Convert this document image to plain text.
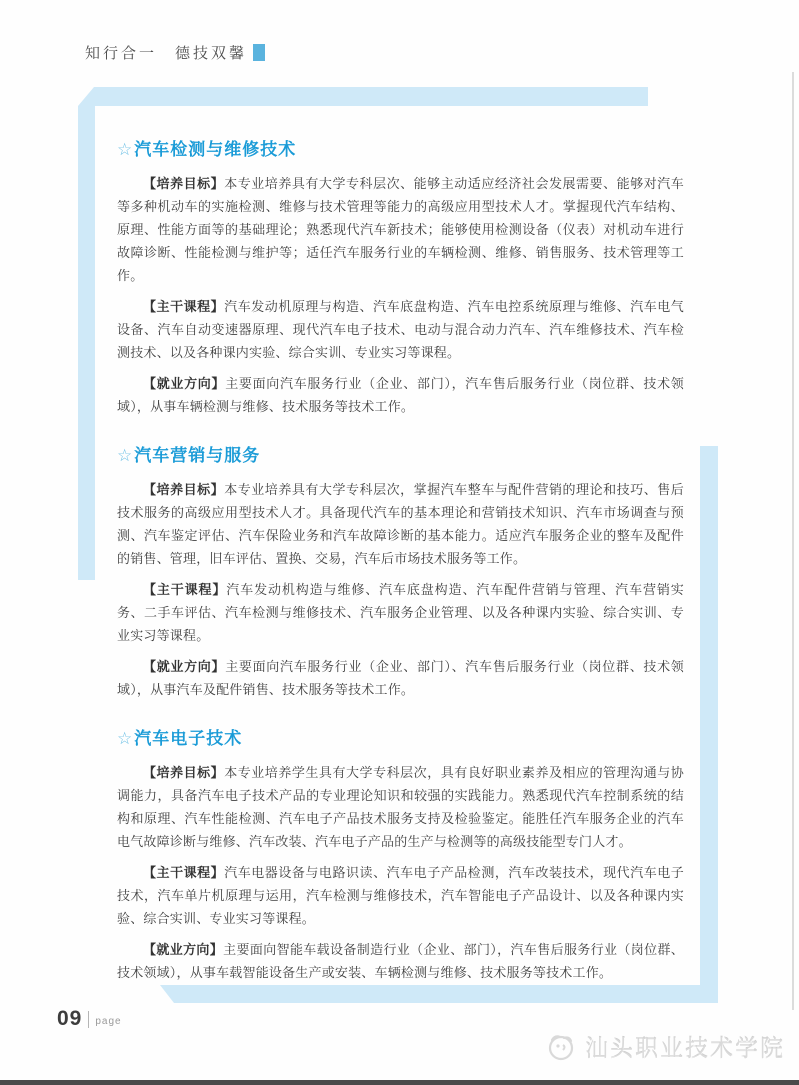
知行合一　德技双馨
☆汽车检测与维修技术

【培养目标】本专业培养具有大学专科层次、能够主动适应经济社会发展需要、能够对汽车等多种机动车的实施检测、维修与技术管理等能力的高级应用型技术人才。掌握现代汽车结构、原理、性能方面等的基础理论；熟悉现代汽车新技术；能够使用检测设备（仪表）对机动车进行故障诊断、性能检测与维护等；适任汽车服务行业的车辆检测、维修、销售服务、技术管理等工作。

【主干课程】汽车发动机原理与构造、汽车底盘构造、汽车电控系统原理与维修、汽车电气设备、汽车自动变速器原理、现代汽车电子技术、电动与混合动力汽车、汽车维修技术、汽车检测技术、以及各种课内实验、综合实训、专业实习等课程。

【就业方向】主要面向汽车服务行业（企业、部门），汽车售后服务行业（岗位群、技术领域），从事车辆检测与维修、技术服务等技术工作。

☆汽车营销与服务

【培养目标】本专业培养具有大学专科层次，掌握汽车整车与配件营销的理论和技巧、售后技术服务的高级应用型技术人才。具备现代汽车的基本理论和营销技术知识、汽车市场调查与预测、汽车鉴定评估、汽车保险业务和汽车故障诊断的基本能力。适应汽车服务企业的整车及配件的销售、管理，旧车评估、置换、交易，汽车后市场技术服务等工作。

【主干课程】汽车发动机构造与维修、汽车底盘构造、汽车配件营销与管理、汽车营销实务、二手车评估、汽车检测与维修技术、汽车服务企业管理、以及各种课内实验、综合实训、专业实习等课程。

【就业方向】主要面向汽车服务行业（企业、部门）、汽车售后服务行业（岗位群、技术领域），从事汽车及配件销售、技术服务等技术工作。

☆汽车电子技术

【培养目标】本专业培养学生具有大学专科层次，具有良好职业素养及相应的管理沟通与协调能力，具备汽车电子技术产品的专业理论知识和较强的实践能力。熟悉现代汽车控制系统的结构和原理、汽车性能检测、汽车电子产品技术服务支持及检验鉴定。能胜任汽车服务企业的汽车电气故障诊断与维修、汽车改装、汽车电子产品的生产与检测等的高级技能型专门人才。

【主干课程】汽车电器设备与电路识读、汽车电子产品检测，汽车改装技术，现代汽车电子技术，汽车单片机原理与运用，汽车检测与维修技术，汽车智能电子产品设计、以及各种课内实验、综合实训、专业实习等课程。

【就业方向】主要面向智能车载设备制造行业（企业、部门），汽车售后服务行业（岗位群、技术领域），从事车载智能设备生产或安装、车辆检测与维修、技术服务等技术工作。

09 page
汕头职业技术学院
